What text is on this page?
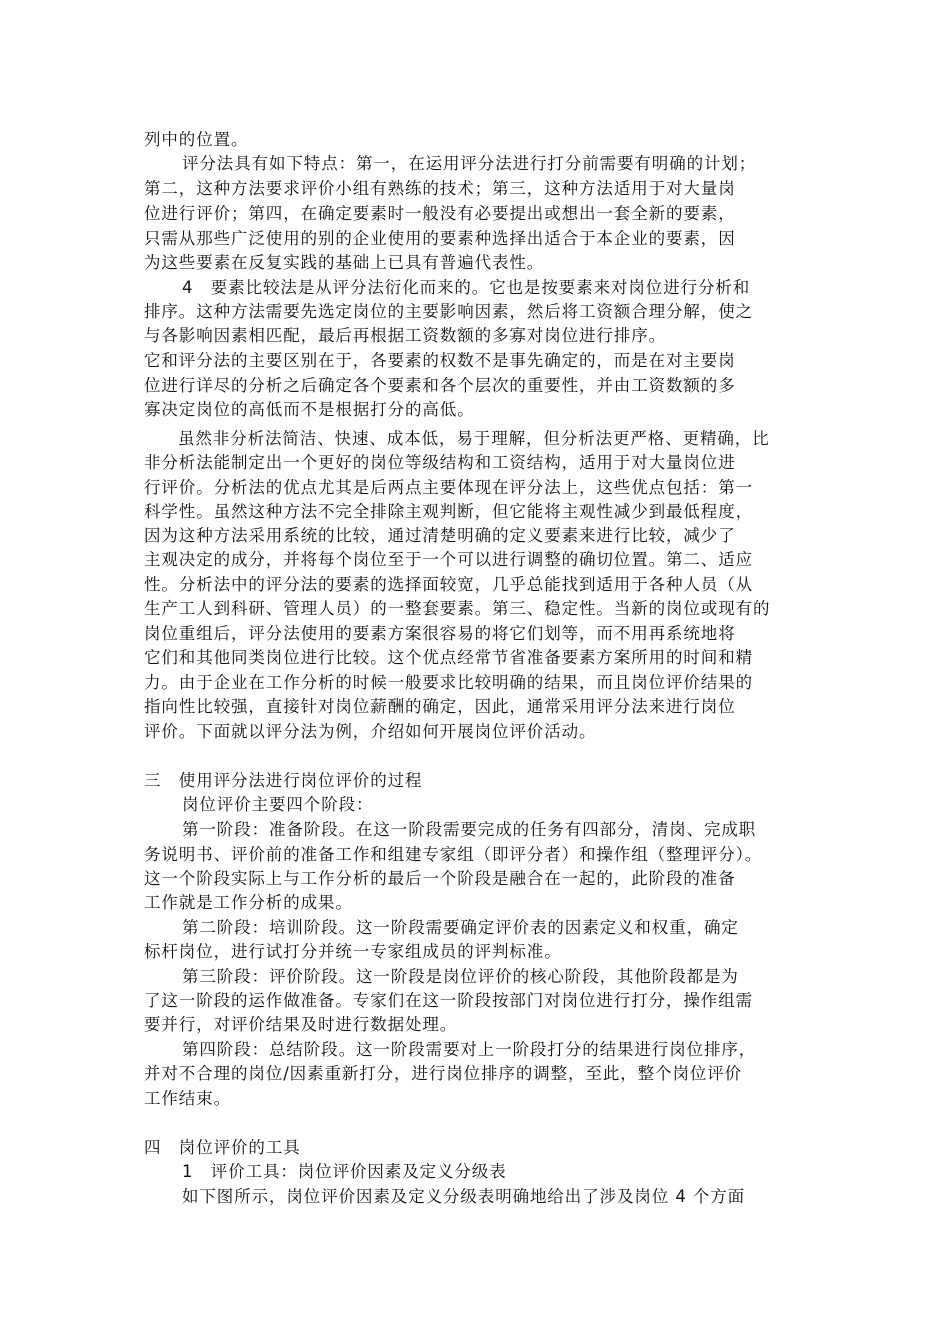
列中的位置。
评分法具有如下特点：第一，在运用评分法进行打分前需要有明确的计划；
第二，这种方法要求评价小组有熟练的技术；第三，这种方法适用于对大量岗
位进行评价；第四，在确定要素时一般没有必要提出或想出一套全新的要素，
只需从那些广泛使用的别的企业使用的要素种选择出适合于本企业的要素，因
为这些要素在反复实践的基础上已具有普遍代表性。
4　要素比较法是从评分法衍化而来的。它也是按要素来对岗位进行分析和
排序。这种方法需要先选定岗位的主要影响因素，然后将工资额合理分解，使之
与各影响因素相匹配，最后再根据工资数额的多寡对岗位进行排序。
它和评分法的主要区别在于，各要素的权数不是事先确定的，而是在对主要岗
位进行详尽的分析之后确定各个要素和各个层次的重要性，并由工资数额的多
寡决定岗位的高低而不是根据打分的高低。
虽然非分析法简洁、快速、成本低，易于理解，但分析法更严格、更精确，比
非分析法能制定出一个更好的岗位等级结构和工资结构，适用于对大量岗位进
行评价。分析法的优点尤其是后两点主要体现在评分法上，这些优点包括：第一
科学性。虽然这种方法不完全排除主观判断，但它能将主观性减少到最低程度，
因为这种方法采用系统的比较，通过清楚明确的定义要素来进行比较，减少了
主观决定的成分，并将每个岗位至于一个可以进行调整的确切位置。第二、适应
性。分析法中的评分法的要素的选择面较宽，几乎总能找到适用于各种人员（从
生产工人到科研、管理人员）的一整套要素。第三、稳定性。当新的岗位或现有的
岗位重组后，评分法使用的要素方案很容易的将它们划等，而不用再系统地将
它们和其他同类岗位进行比较。这个优点经常节省准备要素方案所用的时间和精
力。由于企业在工作分析的时候一般要求比较明确的结果，而且岗位评价结果的
指向性比较强，直接针对岗位薪酬的确定，因此，通常采用评分法来进行岗位
评价。下面就以评分法为例，介绍如何开展岗位评价活动。
三　使用评分法进行岗位评价的过程
岗位评价主要四个阶段：
第一阶段：准备阶段。在这一阶段需要完成的任务有四部分，清岗、完成职
务说明书、评价前的准备工作和组建专家组（即评分者）和操作组（整理评分）。
这一个阶段实际上与工作分析的最后一个阶段是融合在一起的，此阶段的准备
工作就是工作分析的成果。
第二阶段：培训阶段。这一阶段需要确定评价表的因素定义和权重，确定
标杆岗位，进行试打分并统一专家组成员的评判标准。
第三阶段：评价阶段。这一阶段是岗位评价的核心阶段，其他阶段都是为
了这一阶段的运作做准备。专家们在这一阶段按部门对岗位进行打分，操作组需
要并行，对评价结果及时进行数据处理。
第四阶段：总结阶段。这一阶段需要对上一阶段打分的结果进行岗位排序，
并对不合理的岗位/因素重新打分，进行岗位排序的调整，至此，整个岗位评价
工作结束。
四　岗位评价的工具
1　评价工具：岗位评价因素及定义分级表
如下图所示，岗位评价因素及定义分级表明确地给出了涉及岗位 4 个方面
